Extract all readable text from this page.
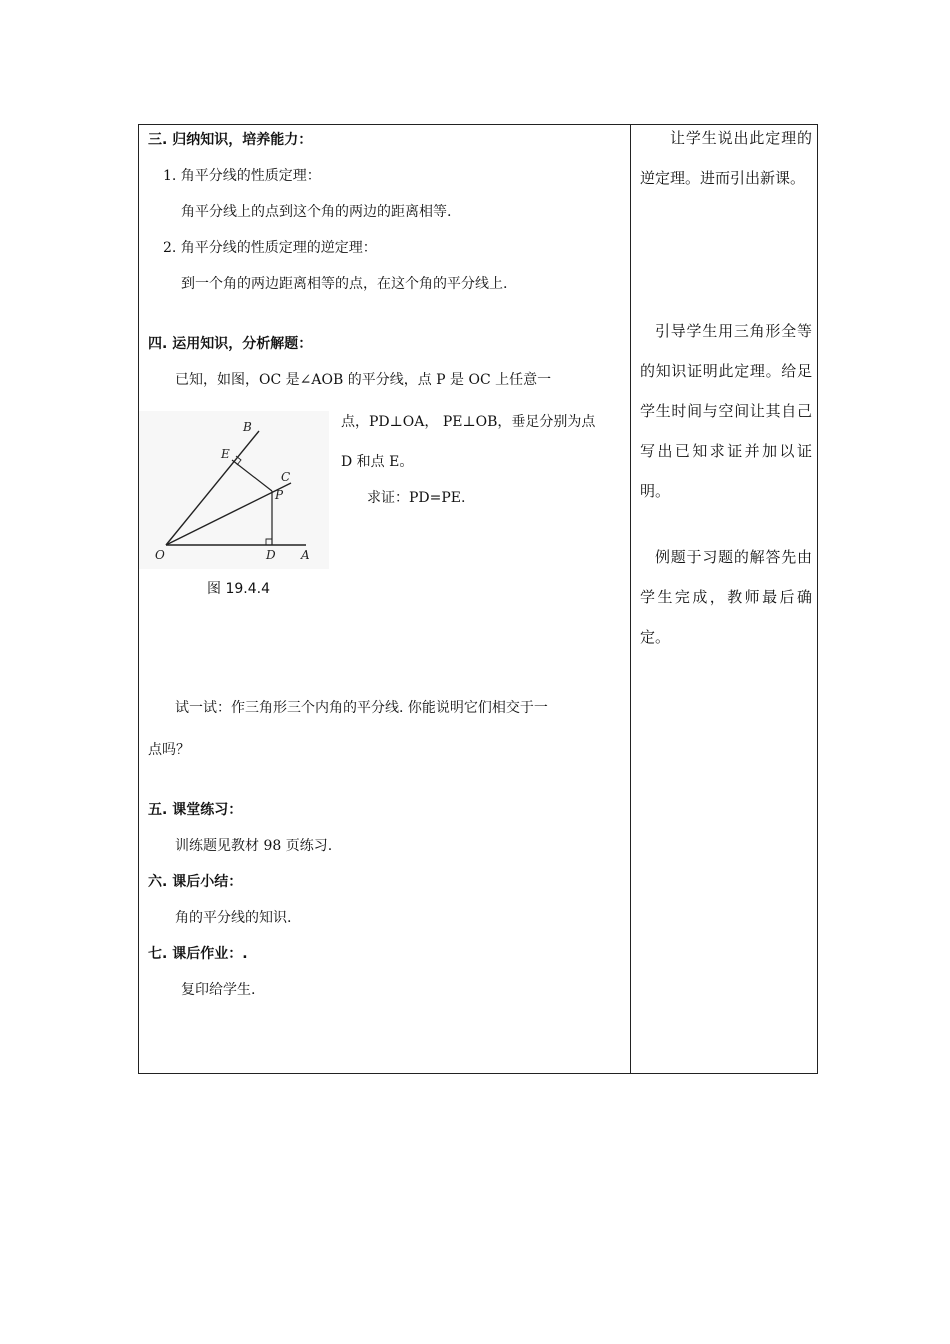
三. 归纳知识，培养能力：
1. 角平分线的性质定理：
角平分线上的点到这个角的两边的距离相等.
2. 角平分线的性质定理的逆定理：
到一个角的两边距离相等的点，在这个角的平分线上.
四. 运用知识，分析解题：
已知，如图，OC 是∠AOB 的平分线，点 P 是 OC 上任意一
点，PD⊥OA， PE⊥OB，垂足分别为点
D 和点 E。
求证：PD=PE.
B
E
C
P
O	D A
图 19.4.4
试一试：作三角形三个内角的平分线. 你能说明它们相交于一
点吗？
五. 课堂练习：
训练题见教材 98 页练习.
六. 课后小结：
角的平分线的知识.
七. 课后作业：.
复印给学生.

让学生说出此定理的逆定理。进而引出新课。

引导学生用三角形全等的知识证明此定理。给足学生时间与空间让其自己写出已知求证并加以证明。

例题于习题的解答先由学生完成，教师最后确定。
